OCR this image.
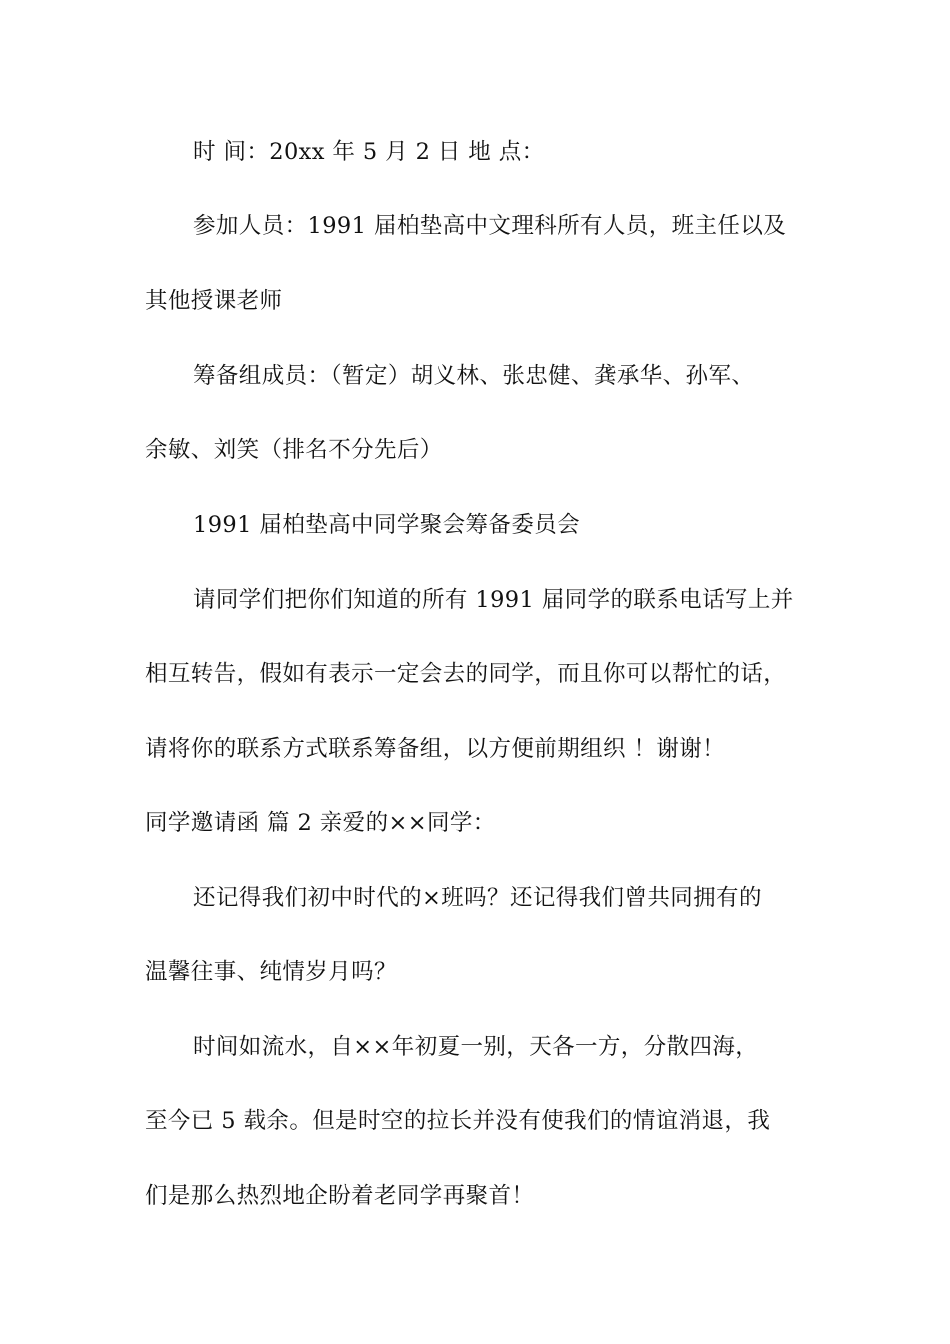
时 间：20xx 年 5 月 2 日 地 点：
参加人员：1991 届柏垫高中文理科所有人员，班主任以及
其他授课老师
筹备组成员：（暂定）胡义林、张忠健、龚承华、孙军、
余敏、刘笑（排名不分先后）
1991 届柏垫高中同学聚会筹备委员会
请同学们把你们知道的所有 1991 届同学的联系电话写上并
相互转告，假如有表示一定会去的同学，而且你可以帮忙的话，
请将你的联系方式联系筹备组，以方便前期组织 ！谢谢！
同学邀请函 篇 2 亲爱的××同学：
还记得我们初中时代的×班吗？还记得我们曾共同拥有的
温馨往事、纯情岁月吗？
时间如流水，自××年初夏一别，天各一方，分散四海，
至今已 5 载余。但是时空的拉长并没有使我们的情谊消退，我
们是那么热烈地企盼着老同学再聚首！
